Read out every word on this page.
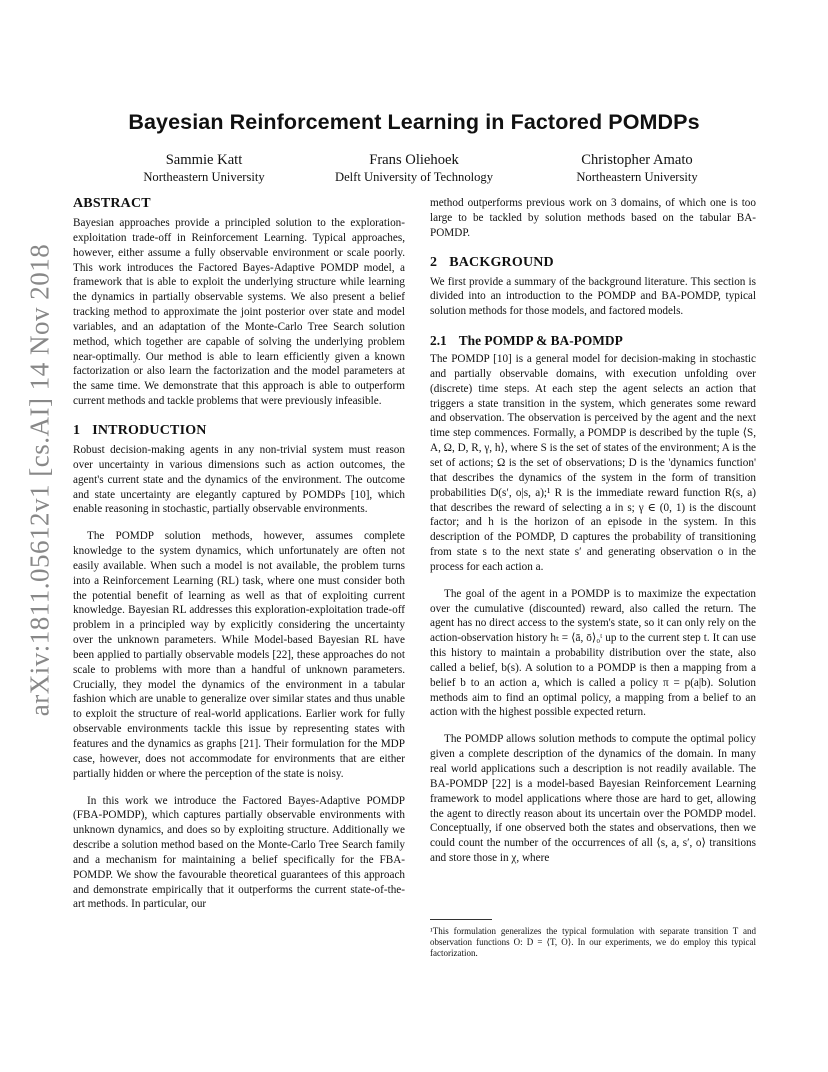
Bayesian Reinforcement Learning in Factored POMDPs
Sammie Katt
Northeastern University
Frans Oliehoek
Delft University of Technology
Christopher Amato
Northeastern University
arXiv:1811.05612v1 [cs.AI] 14 Nov 2018
ABSTRACT

Bayesian approaches provide a principled solution to the exploration-exploitation trade-off in Reinforcement Learning. Typical approaches, however, either assume a fully observable environment or scale poorly. This work introduces the Factored Bayes-Adaptive POMDP model, a framework that is able to exploit the underlying structure while learning the dynamics in partially observable systems. We also present a belief tracking method to approximate the joint posterior over state and model variables, and an adaptation of the Monte-Carlo Tree Search solution method, which together are capable of solving the underlying problem near-optimally. Our method is able to learn efficiently given a known factorization or also learn the factorization and the model parameters at the same time. We demonstrate that this approach is able to outperform current methods and tackle problems that were previously infeasible.

1 INTRODUCTION

Robust decision-making agents in any non-trivial system must reason over uncertainty in various dimensions such as action outcomes, the agent's current state and the dynamics of the environment. The outcome and state uncertainty are elegantly captured by POMDPs [10], which enable reasoning in stochastic, partially observable environments.

The POMDP solution methods, however, assumes complete knowledge to the system dynamics, which unfortunately are often not easily available. When such a model is not available, the problem turns into a Reinforcement Learning (RL) task, where one must consider both the potential benefit of learning as well as that of exploiting current knowledge. Bayesian RL addresses this exploration-exploitation trade-off problem in a principled way by explicitly considering the uncertainty over the unknown parameters. While Model-based Bayesian RL have been applied to partially observable models [22], these approaches do not scale to problems with more than a handful of unknown parameters. Crucially, they model the dynamics of the environment in a tabular fashion which are unable to generalize over similar states and thus unable to exploit the structure of real-world applications. Earlier work for fully observable environments tackle this issue by representing states with features and the dynamics as graphs [21]. Their formulation for the MDP case, however, does not accommodate for environments that are either partially hidden or where the perception of the state is noisy.

In this work we introduce the Factored Bayes-Adaptive POMDP (FBA-POMDP), which captures partially observable environments with unknown dynamics, and does so by exploiting structure. Additionally we describe a solution method based on the Monte-Carlo Tree Search family and a mechanism for maintaining a belief specifically for the FBA-POMDP. We show the favourable theoretical guarantees of this approach and demonstrate empirically that it outperforms the current state-of-the-art methods. In particular, our

method outperforms previous work on 3 domains, of which one is too large to be tackled by solution methods based on the tabular BA-POMDP.

2 BACKGROUND

We first provide a summary of the background literature. This section is divided into an introduction to the POMDP and BA-POMDP, typical solution methods for those models, and factored models.

2.1 The POMDP & BA-POMDP

The POMDP [10] is a general model for decision-making in stochastic and partially observable domains, with execution unfolding over (discrete) time steps. At each step the agent selects an action that triggers a state transition in the system, which generates some reward and observation. The observation is perceived by the agent and the next time step commences. Formally, a POMDP is described by the tuple ⟨S, A, Ω, D, R, γ, h⟩, where S is the set of states of the environment; A is the set of actions; Ω is the set of observations; D is the 'dynamics function' that describes the dynamics of the system in the form of transition probabilities D(s′, o|s, a);¹ R is the immediate reward function R(s, a) that describes the reward of selecting a in s; γ ∈ (0, 1) is the discount factor; and h is the horizon of an episode in the system. In this description of the POMDP, D captures the probability of transitioning from state s to the next state s′ and generating observation o in the process for each action a.

The goal of the agent in a POMDP is to maximize the expectation over the cumulative (discounted) reward, also called the return. The agent has no direct access to the system's state, so it can only rely on the action-observation history hₜ = ⟨ā, ō⟩₀ᵗ up to the current step t. It can use this history to maintain a probability distribution over the state, also called a belief, b(s). A solution to a POMDP is then a mapping from a belief b to an action a, which is called a policy π = p(a|b). Solution methods aim to find an optimal policy, a mapping from a belief to an action with the highest possible expected return.

The POMDP allows solution methods to compute the optimal policy given a complete description of the dynamics of the domain. In many real world applications such a description is not readily available. The BA-POMDP [22] is a model-based Bayesian Reinforcement Learning framework to model applications where those are hard to get, allowing the agent to directly reason about its uncertain over the POMDP model. Conceptually, if one observed both the states and observations, then we could count the number of the occurrences of all ⟨s, a, s′, o⟩ transitions and store those in χ, where

¹This formulation generalizes the typical formulation with separate transition T and observation functions O: D = ⟨T, O⟩. In our experiments, we do employ this typical factorization.
